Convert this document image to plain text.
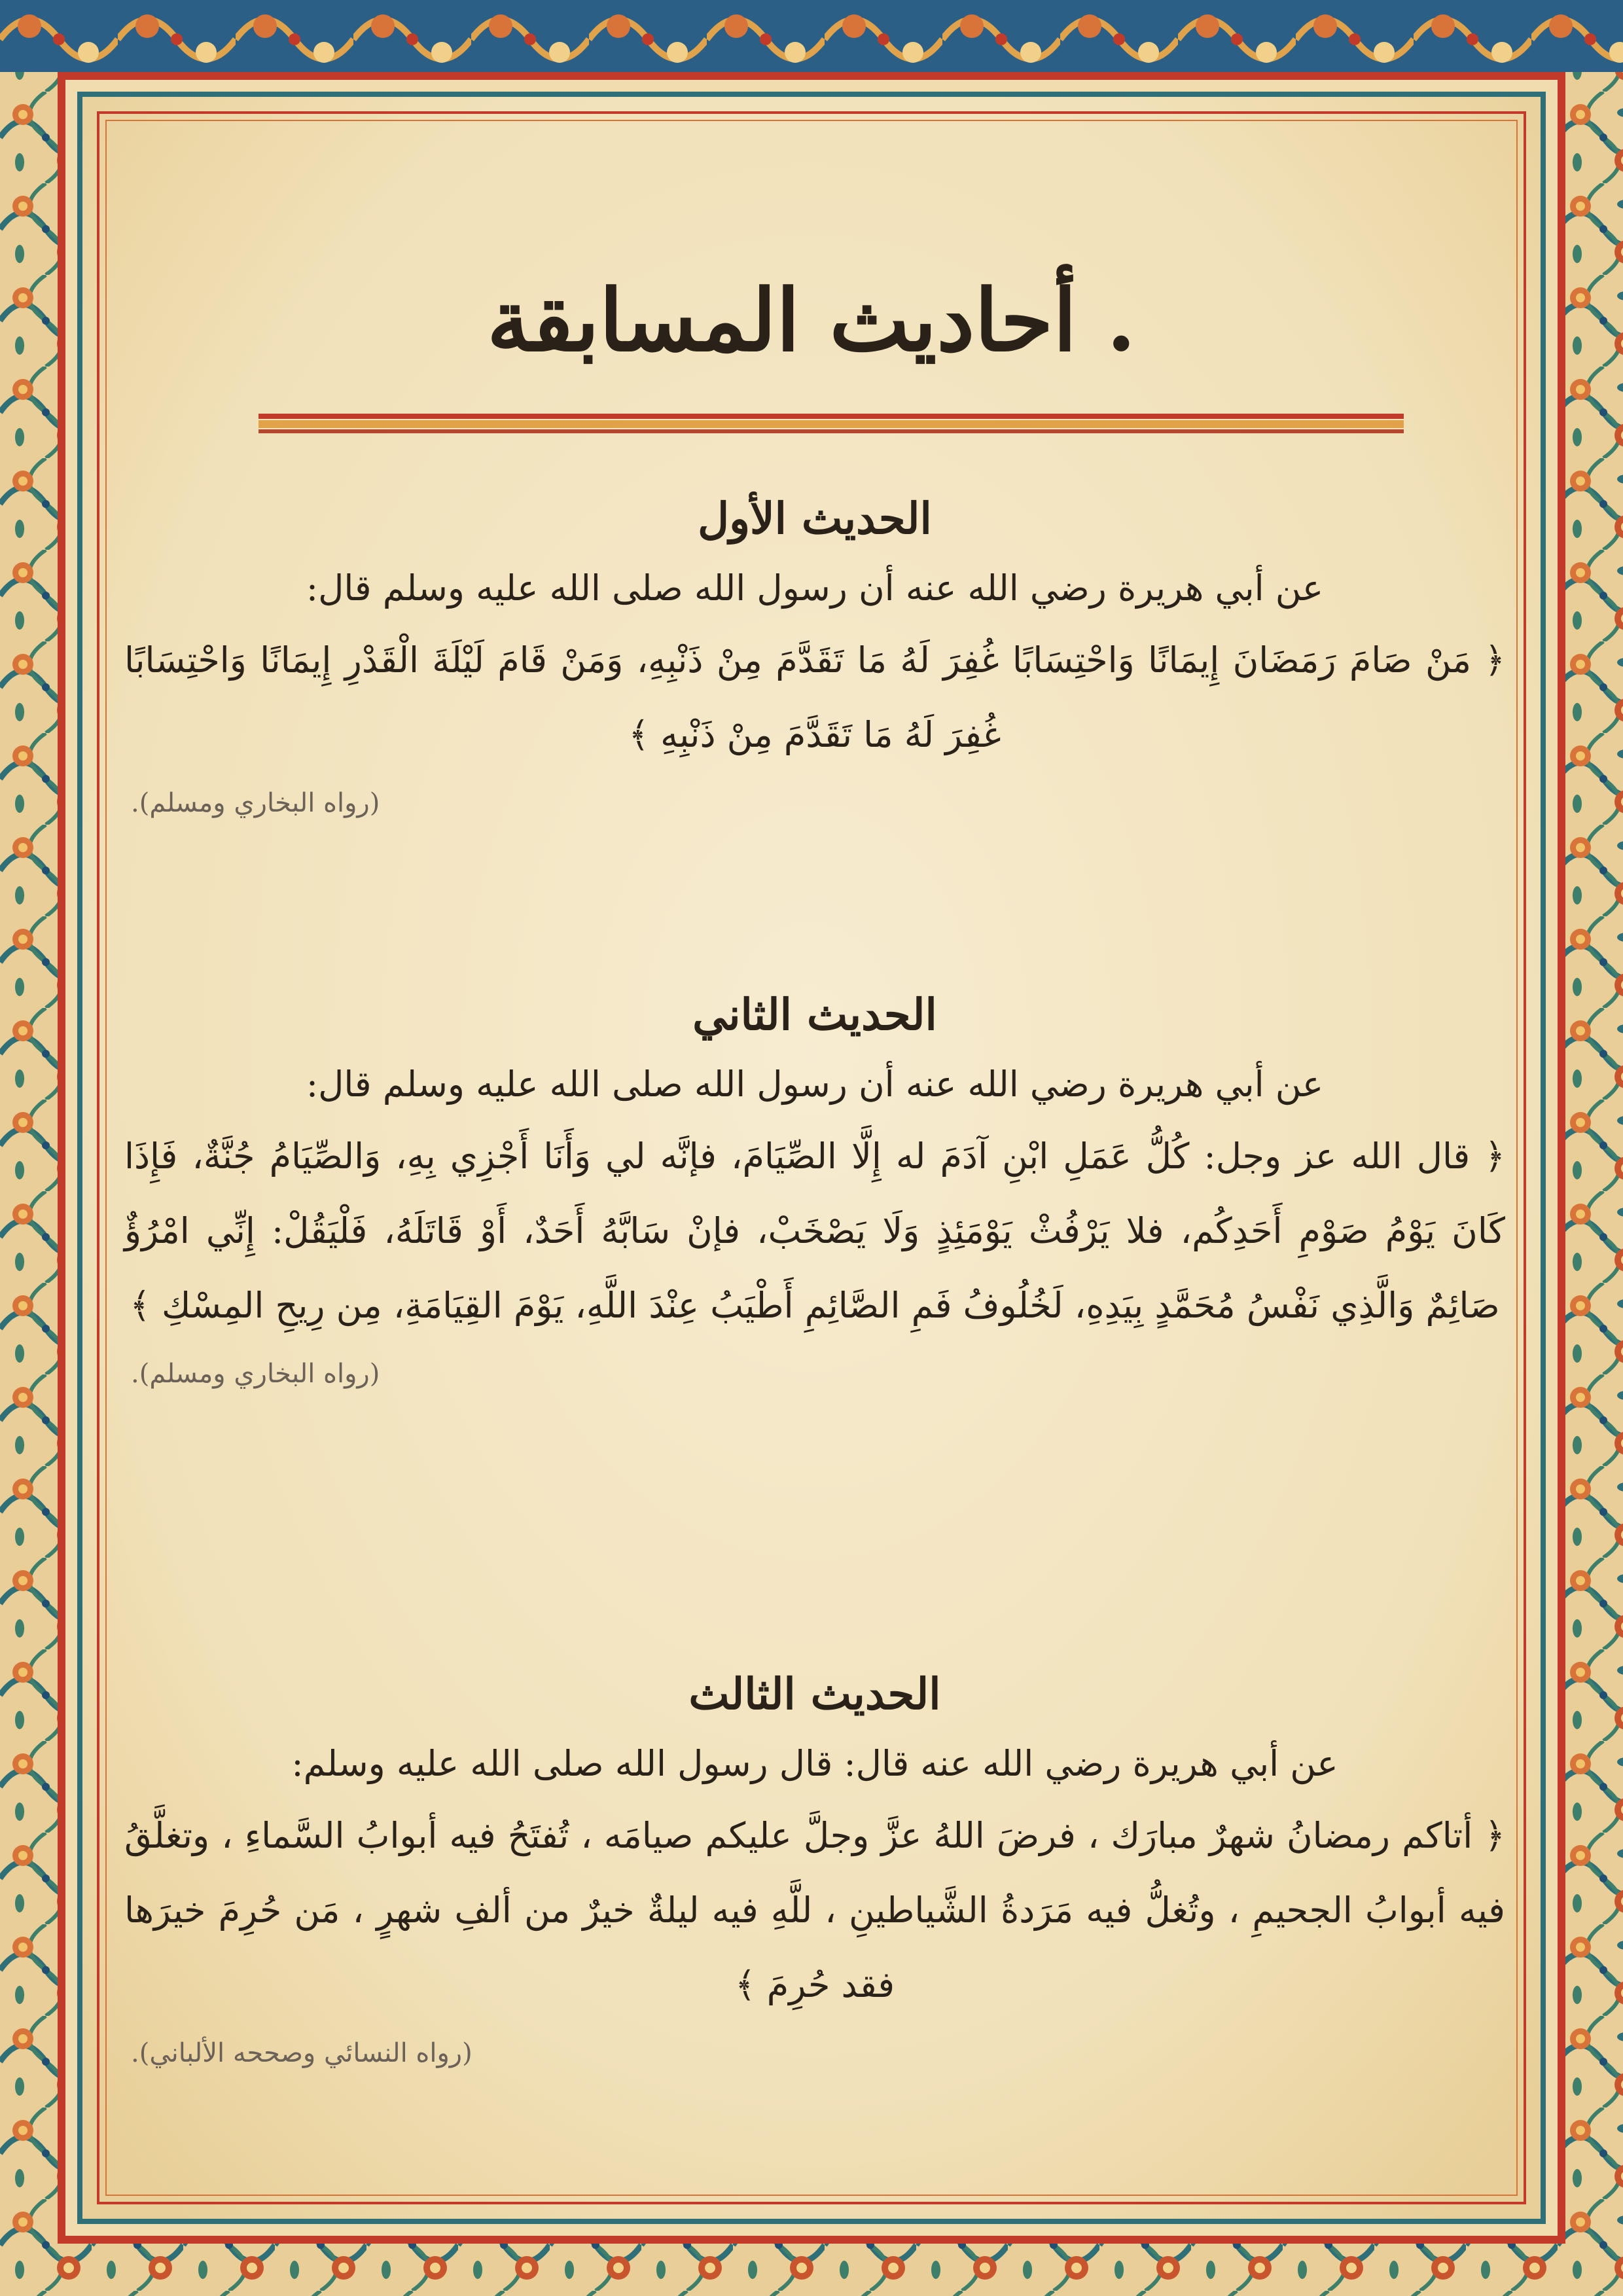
أحاديث المسابقة .
الحديث الأول
عن أبي هريرة رضي الله عنه أن رسول الله صلى الله عليه وسلم قال:
﴿ مَنْ صَامَ رَمَضَانَ إِيمَانًا وَاحْتِسَابًا غُفِرَ لَهُ مَا تَقَدَّمَ مِنْ ذَنْبِهِ، وَمَنْ قَامَ لَيْلَةَ الْقَدْرِ إِيمَانًا وَاحْتِسَابًا غُفِرَ لَهُ مَا تَقَدَّمَ مِنْ ذَنْبِهِ ﴾
(رواه البخاري ومسلم).
الحديث الثاني
عن أبي هريرة رضي الله عنه أن رسول الله صلى الله عليه وسلم قال:
﴿ قال الله عز وجل: كُلُّ عَمَلِ ابْنِ آدَمَ له إِلَّا الصِّيَامَ، فإنَّه لي وَأَنَا أَجْزِي بِهِ، وَالصِّيَامُ جُنَّةٌ، فَإِذَا كَانَ يَوْمُ صَوْمِ أَحَدِكُم، فلا يَرْفُثْ يَوْمَئِذٍ وَلَا يَصْخَبْ، فإنْ سَابَّهُ أَحَدٌ، أَوْ قَاتَلَهُ، فَلْيَقُلْ: إِنِّي امْرُؤٌ صَائِمٌ وَالَّذِي نَفْسُ مُحَمَّدٍ بِيَدِهِ، لَخُلُوفُ فَمِ الصَّائِمِ أَطْيَبُ عِنْدَ اللَّهِ، يَوْمَ القِيَامَةِ، مِن رِيحِ المِسْكِ ﴾
(رواه البخاري ومسلم).
الحديث الثالث
عن أبي هريرة رضي الله عنه قال: قال رسول الله صلى الله عليه وسلم:
﴿ أتاكم رمضانُ شهرٌ مبارَك ، فرضَ اللهُ عزَّ وجلَّ عليكم صيامَه ، تُفتَحُ فيه أبوابُ السَّماءِ ، وتغلَّقُ فيه أبوابُ الجحيمِ ، وتُغلُّ فيه مَرَدةُ الشَّياطينِ ، للَّهِ فيه ليلةٌ خيرٌ من ألفِ شهرٍ ، مَن حُرِمَ خيرَها فقد حُرِمَ ﴾
(رواه النسائي وصححه الألباني).
